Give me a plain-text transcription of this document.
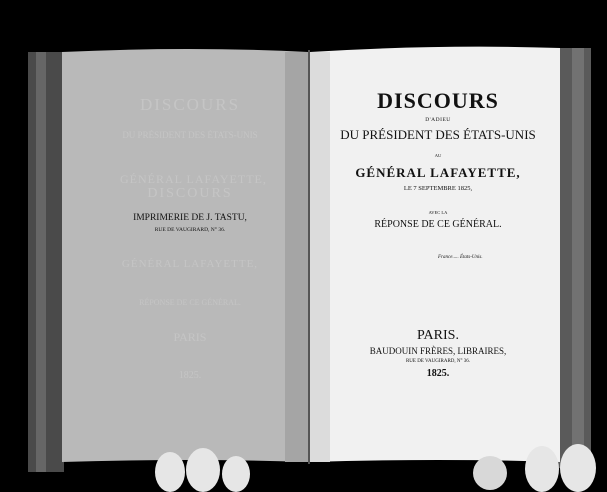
DISCOURS
DU PRÉSIDENT DES ÉTATS-UNIS
GÉNÉRAL LAFAYETTE,
DISCOURS
GÉNÉRAL LAFAYETTE,
RÉPONSE DE CE GÉNÉRAL.
PARIS
1825.
IMPRIMERIE DE J. TASTU,
RUE DE VAUGIRARD, N° 36.
DISCOURS
D'ADIEU
DU PRÉSIDENT DES ÉTATS-UNIS
AU
GÉNÉRAL LAFAYETTE,
LE 7 SEPTEMBRE 1825,
AVEC LA
RÉPONSE DE CE GÉNÉRAL.
France..... États-Unis.
PARIS.
BAUDOUIN FRÈRES, LIBRAIRES,
RUE DE VAUGIRARD, N° 36.
1825.
